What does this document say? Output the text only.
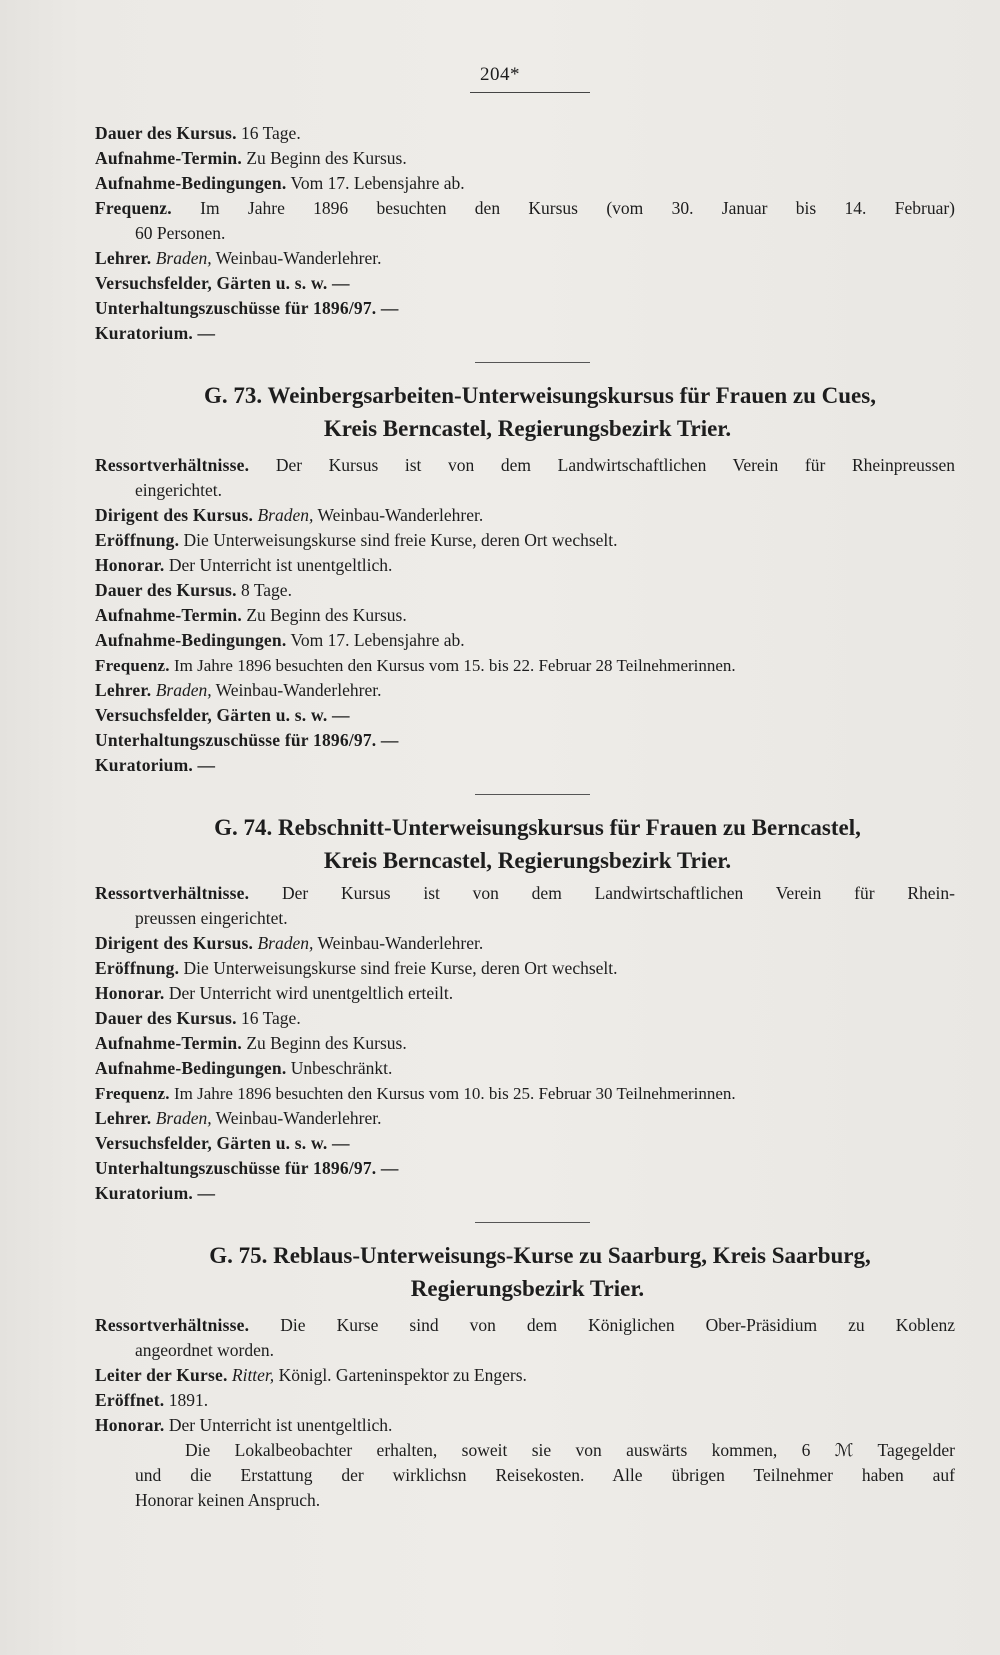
204*

Dauer des Kursus. 16 Tage.

Aufnahme-Termin. Zu Beginn des Kursus.

Aufnahme-Bedingungen. Vom 17. Lebensjahre ab.

Frequenz. Im Jahre 1896 besuchten den Kursus (vom 30. Januar bis 14. Februar)

60 Personen.

Lehrer. Braden, Weinbau-Wanderlehrer.

Versuchsfelder, Gärten u. s. w. —

Unterhaltungszuschüsse für 1896/97. —

Kuratorium. —

G. 73. Weinbergsarbeiten-Unterweisungskursus für Frauen zu Cues,

Kreis Berncastel, Regierungsbezirk Trier.

Ressortverhältnisse. Der Kursus ist von dem Landwirtschaftlichen Verein für Rheinpreussen

eingerichtet.

Dirigent des Kursus. Braden, Weinbau-Wanderlehrer.

Eröffnung. Die Unterweisungskurse sind freie Kurse, deren Ort wechselt.

Honorar. Der Unterricht ist unentgeltlich.

Dauer des Kursus. 8 Tage.

Aufnahme-Termin. Zu Beginn des Kursus.

Aufnahme-Bedingungen. Vom 17. Lebensjahre ab.

Frequenz. Im Jahre 1896 besuchten den Kursus vom 15. bis 22. Februar 28 Teilnehmerinnen.

Lehrer. Braden, Weinbau-Wanderlehrer.

Versuchsfelder, Gärten u. s. w. —

Unterhaltungszuschüsse für 1896/97. —

Kuratorium. —

G. 74. Rebschnitt-Unterweisungskursus für Frauen zu Berncastel,

Kreis Berncastel, Regierungsbezirk Trier.

Ressortverhältnisse. Der Kursus ist von dem Landwirtschaftlichen Verein für Rhein-

preussen eingerichtet.

Dirigent des Kursus. Braden, Weinbau-Wanderlehrer.

Eröffnung. Die Unterweisungskurse sind freie Kurse, deren Ort wechselt.

Honorar. Der Unterricht wird unentgeltlich erteilt.

Dauer des Kursus. 16 Tage.

Aufnahme-Termin. Zu Beginn des Kursus.

Aufnahme-Bedingungen. Unbeschränkt.

Frequenz. Im Jahre 1896 besuchten den Kursus vom 10. bis 25. Februar 30 Teilnehmerinnen.

Lehrer. Braden, Weinbau-Wanderlehrer.

Versuchsfelder, Gärten u. s. w. —

Unterhaltungszuschüsse für 1896/97. —

Kuratorium. —

G. 75. Reblaus-Unterweisungs-Kurse zu Saarburg, Kreis Saarburg,

Regierungsbezirk Trier.

Ressortverhältnisse. Die Kurse sind von dem Königlichen Ober-Präsidium zu Koblenz

angeordnet worden.

Leiter der Kurse. Ritter, Königl. Garteninspektor zu Engers.

Eröffnet. 1891.

Honorar. Der Unterricht ist unentgeltlich.

Die Lokalbeobachter erhalten, soweit sie von auswärts kommen, 6 ℳ Tagegelder

und die Erstattung der wirklichsn Reisekosten. Alle übrigen Teilnehmer haben auf

Honorar keinen Anspruch.
